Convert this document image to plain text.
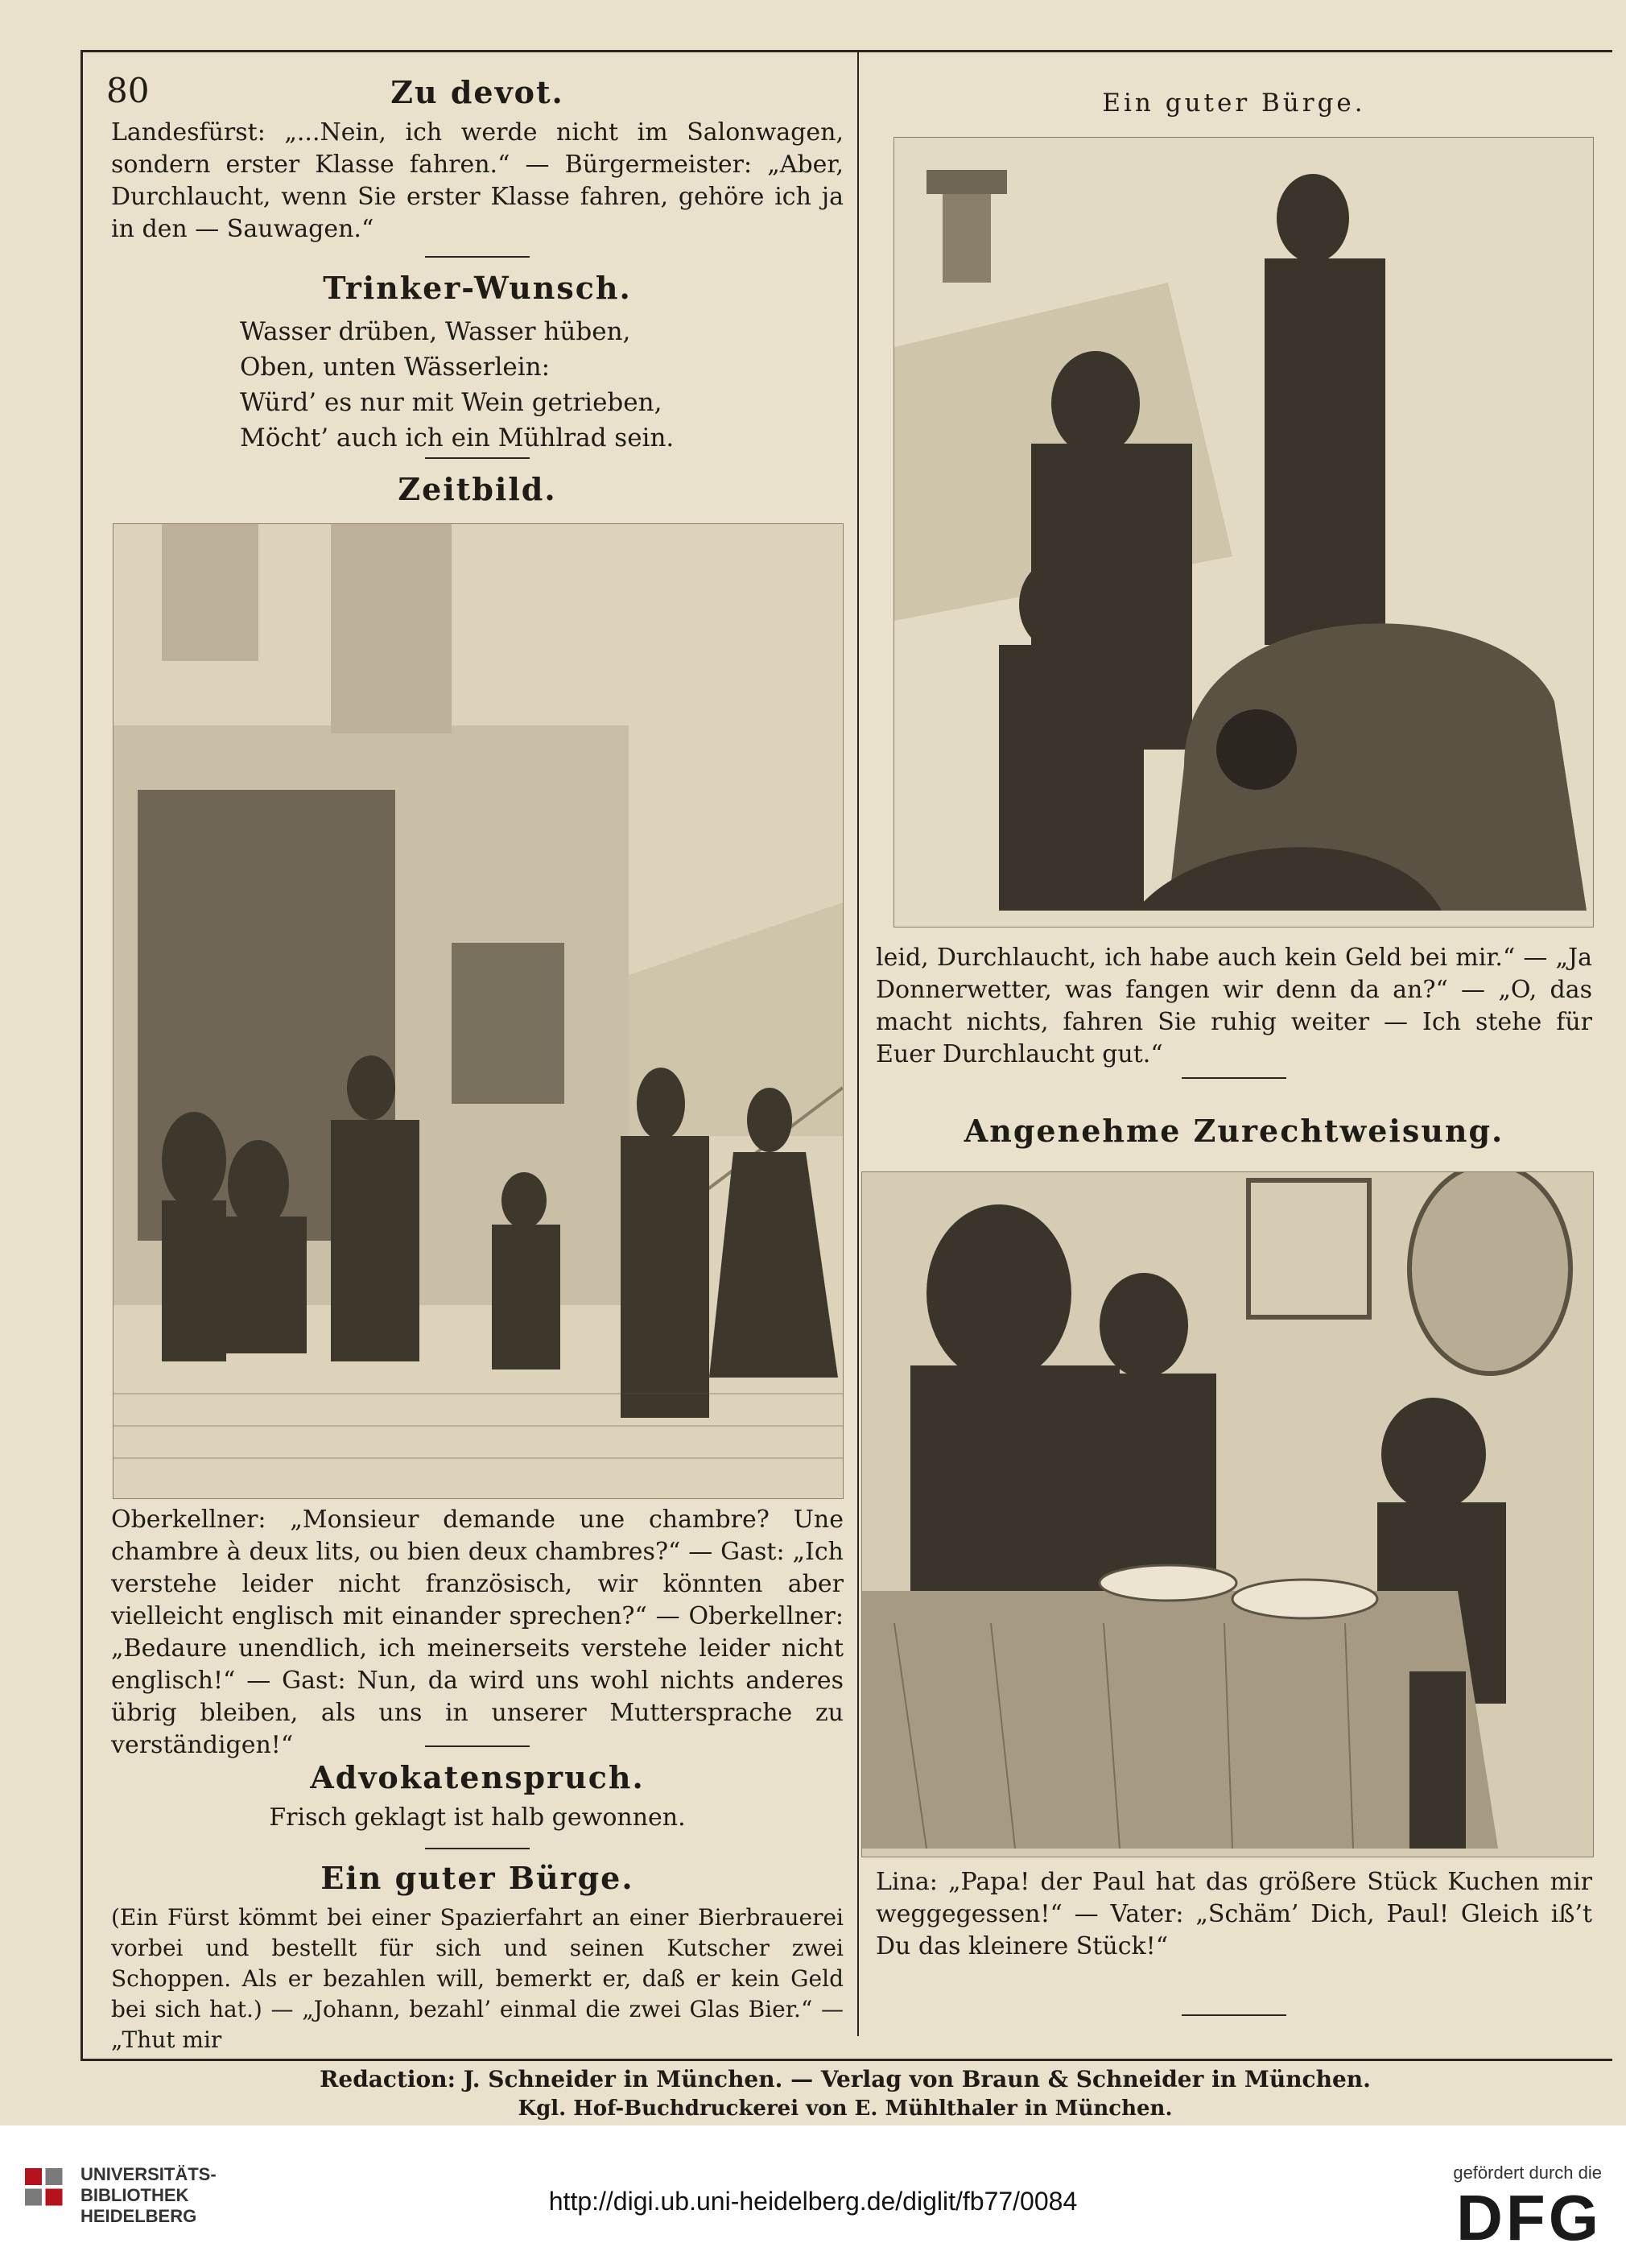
80	Zu devot.

Landesfürst: „...Nein, ich werde nicht im Salonwagen, sondern erster Klasse fahren.“ — Bürgermeister: „Aber, Durchlaucht, wenn Sie erster Klasse fahren, gehöre ich ja in den — Sauwagen.“

Trinker-Wunsch.

Wasser drüben, Wasser hüben,

Oben, unten Wässerlein:

Würd’ es nur mit Wein getrieben,

Möcht’ auch ich ein Mühlrad sein.

Zeitbild.

Oberkellner: „Monsieur demande une chambre? Une chambre à deux lits, ou bien deux chambres?“ — Gast: „Ich verstehe leider nicht französisch, wir könnten aber vielleicht englisch mit einander sprechen?“ — Oberkellner: „Bedaure unendlich, ich meinerseits verstehe leider nicht englisch!“ — Gast: Nun, da wird uns wohl nichts anderes übrig bleiben, als uns in unserer Muttersprache zu verständigen!“

Advokatenspruch.

Frisch geklagt ist halb gewonnen.

Ein guter Bürge.

(Ein Fürst kömmt bei einer Spazierfahrt an einer Bierbrauerei vorbei und bestellt für sich und seinen Kutscher zwei Schoppen. Als er bezahlen will, bemerkt er, daß er kein Geld bei sich hat.) — „Johann, bezahl’ einmal die zwei Glas Bier.“ — „Thut mir

Ein guter Bürge.

leid, Durchlaucht, ich habe auch kein Geld bei mir.“ — „Ja Donnerwetter, was fangen wir denn da an?“ — „O, das macht nichts, fahren Sie ruhig weiter — Ich stehe für Euer Durchlaucht gut.“

Angenehme Zurechtweisung.

Lina: „Papa! der Paul hat das größere Stück Kuchen mir weggegessen!“ — Vater: „Schäm’ Dich, Paul! Gleich iß’t Du das kleinere Stück!“

Redaction: J. Schneider in München. — Verlag von Braun & Schneider in München.
Kgl. Hof-Buchdruckerei von E. Mühlthaler in München.
UNIVERSITÄTS-
BIBLIOTHEK
HEIDELBERG
http://digi.ub.uni-heidelberg.de/diglit/fb77/0084
gefördert durch die
DFG
